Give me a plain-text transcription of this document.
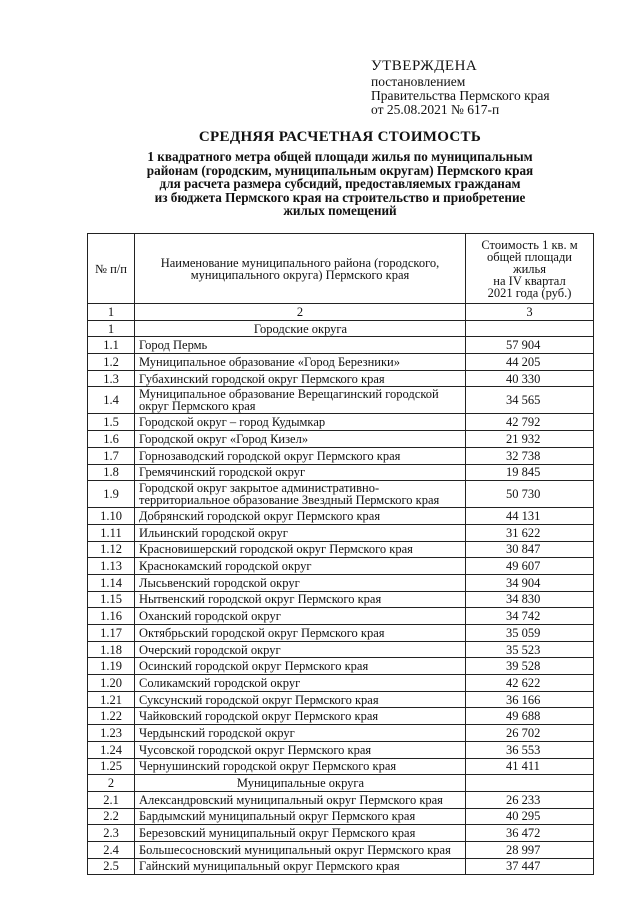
УТВЕРЖДЕНА
постановлением
Правительства Пермского края
от 25.08.2021 № 617-п
СРЕДНЯЯ РАСЧЕТНАЯ СТОИМОСТЬ
1 квадратного метра общей площади жилья по муниципальным
районам (городским, муниципальным округам) Пермского края
для расчета размера субсидий, предоставляемых гражданам
из бюджета Пермского края на строительство и приобретение
жилых помещений
№ п/п	Наименование муниципального района (городского, муниципального округа) Пермского края	Стоимость 1 кв. м
общей площади
жилья
на IV квартал
2021 года (руб.)

1	2	3
1	Городские округа	
1.1	Город Пермь	57 904
1.2	Муниципальное образование «Город Березники»	44 205
1.3	Губахинский городской округ Пермского края	40 330
1.4	Муниципальное образование Верещагинский городской округ Пермского края	34 565
1.5	Городской округ – город Кудымкар	42 792
1.6	Городской округ «Город Кизел»	21 932
1.7	Горнозаводский городской округ Пермского края	32 738
1.8	Гремячинский городской округ	19 845
1.9	Городской округ закрытое административно-территориальное образование Звездный Пермского края	50 730
1.10	Добрянский городской округ Пермского края	44 131
1.11	Ильинский городской округ	31 622
1.12	Красновишерский городской округ Пермского края	30 847
1.13	Краснокамский городской округ	49 607
1.14	Лысьвенский городской округ	34 904
1.15	Нытвенский городской округ Пермского края	34 830
1.16	Оханский городской округ	34 742
1.17	Октябрьский городской округ Пермского края	35 059
1.18	Очерский городской округ	35 523
1.19	Осинский городской округ Пермского края	39 528
1.20	Соликамский городской округ	42 622
1.21	Суксунский городской округ Пермского края	36 166
1.22	Чайковский городской округ Пермского края	49 688
1.23	Чердынский городской округ	26 702
1.24	Чусовской городской округ Пермского края	36 553
1.25	Чернушинский городской округ Пермского края	41 411
2	Муниципальные округа	
2.1	Александровский муниципальный округ Пермского края	26 233
2.2	Бардымский муниципальный округ Пермского края	40 295
2.3	Березовский муниципальный округ Пермского края	36 472
2.4	Большесосновский муниципальный округ Пермского края	28 997
2.5	Гайнский муниципальный округ Пермского края	37 447
